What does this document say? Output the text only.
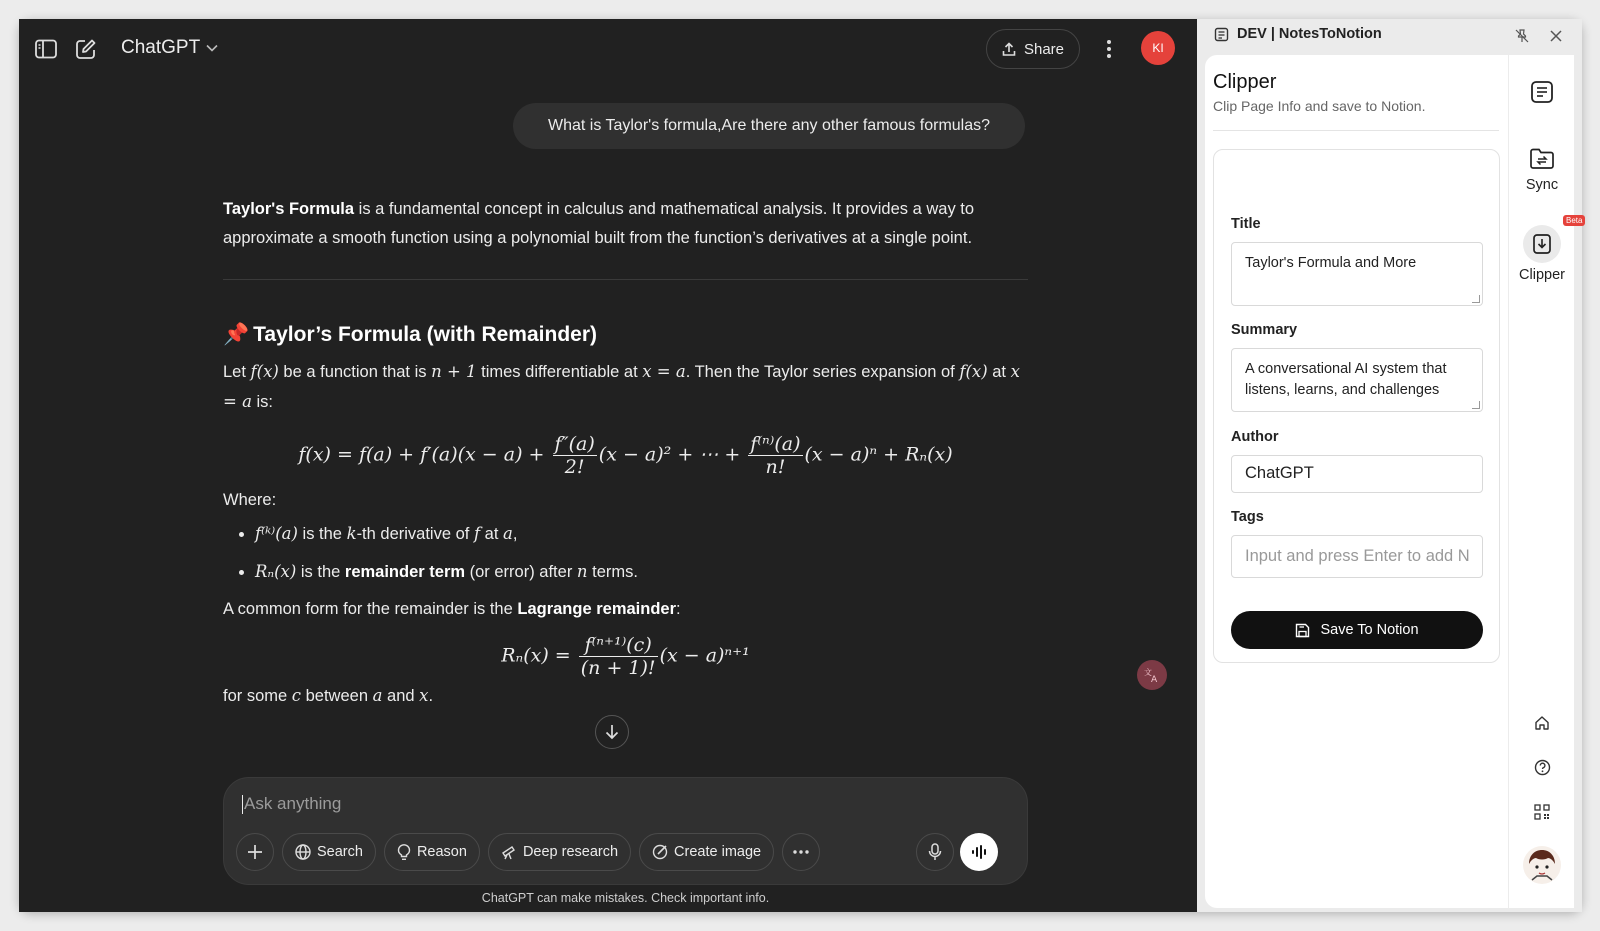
ChatGPT	Share	KI
What is Taylor's formula,Are there any other famous formulas?

Taylor's Formula is a fundamental concept in calculus and mathematical analysis. It provides a way to approximate a smooth function using a polynomial built from the function’s derivatives at a single point.

📌 Taylor’s Formula (with Remainder)

Let f(x) be a function that is n + 1 times differentiable at x = a. Then the Taylor series expansion of f(x) at x = a is:

$f(x) = f(a) + f'(a)(x - a) + \frac{f''(a)}{2!} (x - a)^2$ + ⋯ + $\frac{\text{f⁽ⁿ⁾(a)}}{n!} (x - a)^n + R_n(x)$

Where:

• f⁽ᵏ⁾(a) is the k-th derivative of f at a,
• Rₙ(x) is the remainder term (or error) after n terms.

A common form for the remainder is the Lagrange remainder:

$R_n(x) = \frac{\text{f⁽ⁿ⁺¹⁾(c)}}{(n + 1)!} (x - a)^{n+1}$

for some c between a and x.

Ask anything
Search	Reason	Deep research	Create image
ChatGPT can make mistakes. Check important info.
文
A
DEV | NotesToNotion
Clipper
Clip Page Info and save to Notion.
Title
Taylor's Formula and More
Summary
A conversational AI system that listens, learns, and challenges
Author
ChatGPT
Tags
Input and press Enter to add N
Save To Notion
Sync
Beta
Clipper
